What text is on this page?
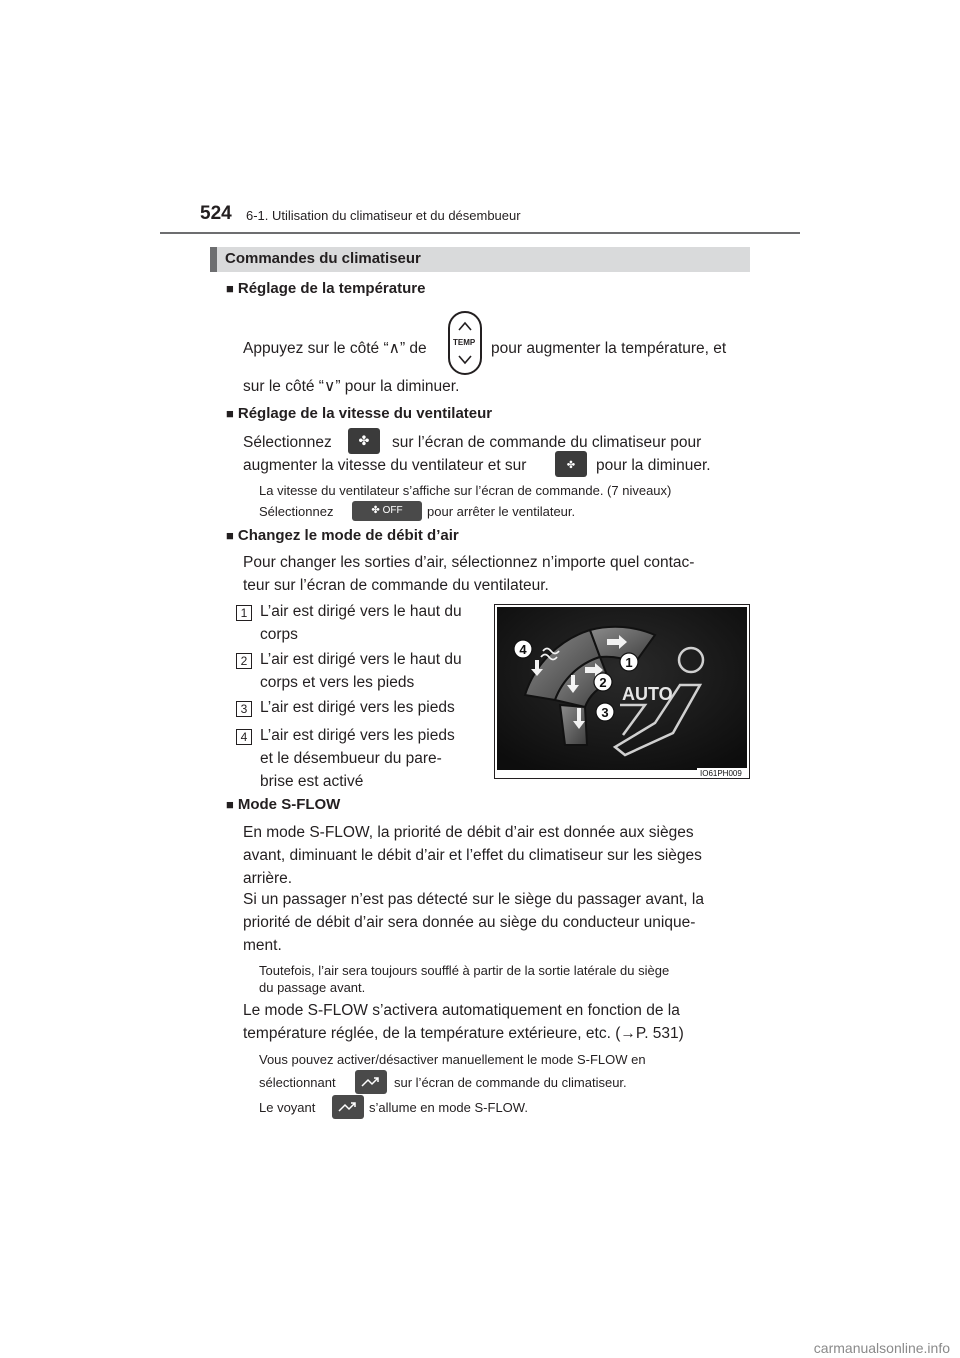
524 6-1. Utilisation du climatiseur et du désembueur
Commandes du climatiseur
■ Réglage de la température
Appuyez sur le côté “∧” de	TEMP pour augmenter la température, et
sur le côté “∨” pour la diminuer.
■ Réglage de la vitesse du ventilateur
Sélectionnez	✤	sur l’écran de commande du climatiseur pour
augmenter la vitesse du ventilateur et sur	✤	pour la diminuer.
La vitesse du ventilateur s’affiche sur l’écran de commande. (7 niveaux)
Sélectionnez	✤ OFF	pour arrêter le ventilateur.
■ Changez le mode de débit d’air
Pour changer les sorties d’air, sélectionnez n’importe quel contac-
teur sur l’écran de commande du ventilateur.
1 L’air est dirigé vers le haut du
corps
2 L’air est dirigé vers le haut du
corps et vers les pieds
3 L’air est dirigé vers les pieds
4 L’air est dirigé vers les pieds
et le désembueur du pare-
brise est activé
4
1
2
3
AUTO
IO61PH009
■ Mode S-FLOW
En mode S-FLOW, la priorité de débit d’air est donnée aux sièges
avant, diminuant le débit d’air et l’effet du climatiseur sur les sièges
arrière.
Si un passager n’est pas détecté sur le siège du passager avant, la
priorité de débit d’air sera donnée au siège du conducteur unique-
ment.
Toutefois, l’air sera toujours soufflé à partir de la sortie latérale du siège
du passage avant.
Le mode S-FLOW s’activera automatiquement en fonction de la
température réglée, de la température extérieure, etc. (→P. 531)
Vous pouvez activer/désactiver manuellement le mode S-FLOW en
sélectionnant	sur l’écran de commande du climatiseur.
Le voyant	s’allume en mode S-FLOW.
carmanualsonline.info
